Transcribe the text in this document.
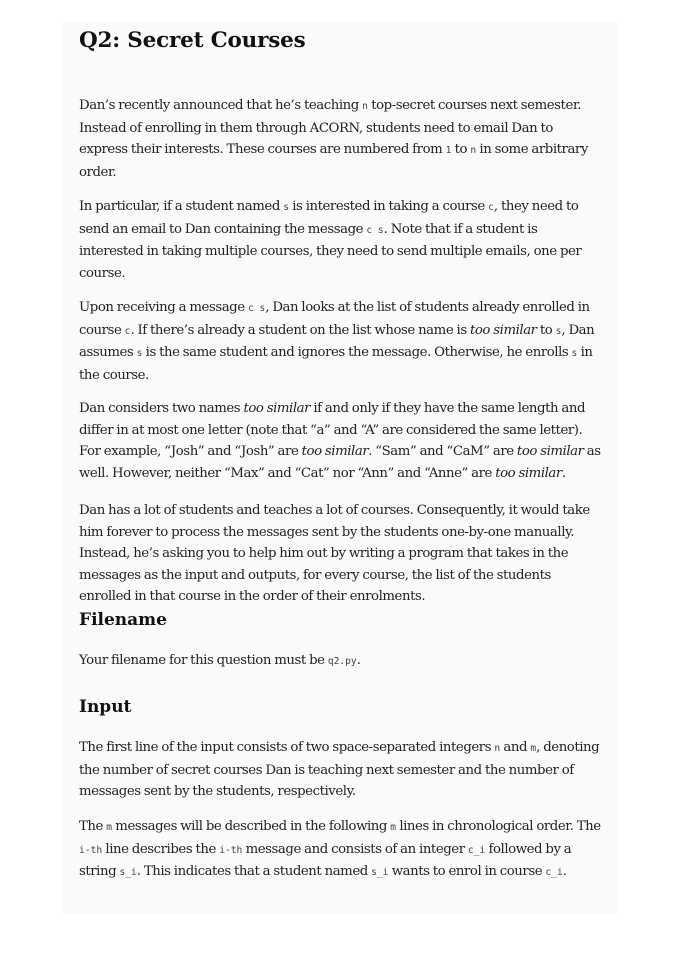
Q2: Secret Courses

Dan’s recently announced that he’s teaching n top-secret courses next semester. Instead of enrolling in them through ACORN, students need to email Dan to express their interests. These courses are numbered from 1 to n in some arbitrary order.

In particular, if a student named s is interested in taking a course c, they need to send an email to Dan containing the message c s. Note that if a student is interested in taking multiple courses, they need to send multiple emails, one per course.

Upon receiving a message c s, Dan looks at the list of students already enrolled in course c. If there’s already a student on the list whose name is too similar to s, Dan assumes s is the same student and ignores the message. Otherwise, he enrolls s in the course.

Dan considers two names too similar if and only if they have the same length and differ in at most one letter (note that “a” and “A” are considered the same letter). For example, “Josh” and “Josh” are too similar. “Sam” and “CaM” are too similar as well. However, neither “Max” and “Cat” nor “Ann” and “Anne” are too similar.

Dan has a lot of students and teaches a lot of courses. Consequently, it would take him forever to process the messages sent by the students one-by-one manually. Instead, he’s asking you to help him out by writing a program that takes in the messages as the input and outputs, for every course, the list of the students enrolled in that course in the order of their enrolments.

Filename

Your filename for this question must be q2.py.

Input

The first line of the input consists of two space-separated integers n and m, denoting the number of secret courses Dan is teaching next semester and the number of messages sent by the students, respectively.

The m messages will be described in the following m lines in chronological order. The i-th line describes the i-th message and consists of an integer c_i followed by a string s_i. This indicates that a student named s_i wants to enrol in course c_i.
